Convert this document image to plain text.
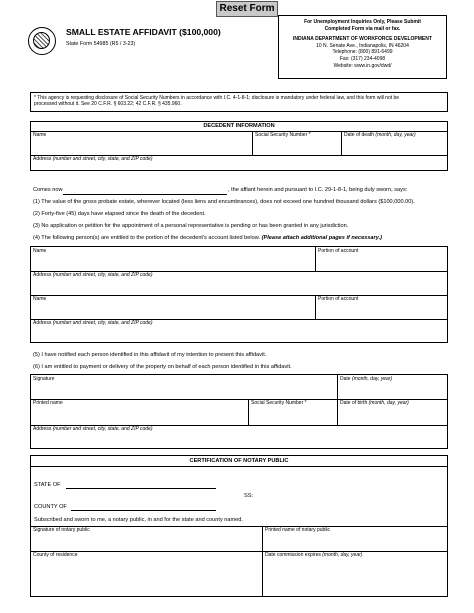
Reset Form
SMALL ESTATE AFFIDAVIT ($100,000)
State Form 54985 (R5 / 3-23)
For Unemployment Inquiries Only, Please Submit
Completed Form via mail or fax.
INDIANA DEPARTMENT OF WORKFORCE DEVELOPMENT
10 N. Senate Ave., Indianapolis, IN 46204
Telephone: (800) 891-6499
Fax: (317) 234-4098
Website: www.in.gov/dwd/
* This agency is requesting disclosure of Social Security Numbers in accordance with I.C. 4-1-8-1; disclosure is mandatory under federal law, and this form will not be
processed without it. See 20 C.F.R. § 603.22; 42 C.F.R. § 435.960.
DECEDENT INFORMATION
Name	Social Security Number *	Date of death (month, day, year)
Address (number and street, city, state, and ZIP code)
Comes now	, the affiant herein and pursuant to I.C. 29-1-8-1, being duly sworn, says:
(1) The value of the gross probate estate, wherever located (less liens and encumbrances), does not exceed one hundred thousand dollars ($100,000.00).
(2) Forty-five (45) days have elapsed since the death of the decedent.
(3) No application or petition for the appointment of a personal representative is pending or has been granted in any jurisdiction.
(4) The following person(s) are entitled to the portion of the decedent's account listed below. (Please attach additional pages if necessary.)
Name	Portion of account
Address (number and street, city, state, and ZIP code)
Name	Portion of account
Address (number and street, city, state, and ZIP code)
(5) I have notified each person identified in this affidavit of my intention to present this affidavit.
(6) I am entitled to payment or delivery of the property on behalf of each person identified in this affidavit.
Signature	Date (month, day, year)
Printed name	Social Security Number *	Date of birth (month, day, year)
Address (number and street, city, state, and ZIP code)
CERTIFICATION OF NOTARY PUBLIC
STATE OF
SS:
COUNTY OF
Subscribed and sworn to me, a notary public, in and for the state and county named.
Signature of notary public	Printed name of notary public
County of residence	Date commission expires (month, day, year)
